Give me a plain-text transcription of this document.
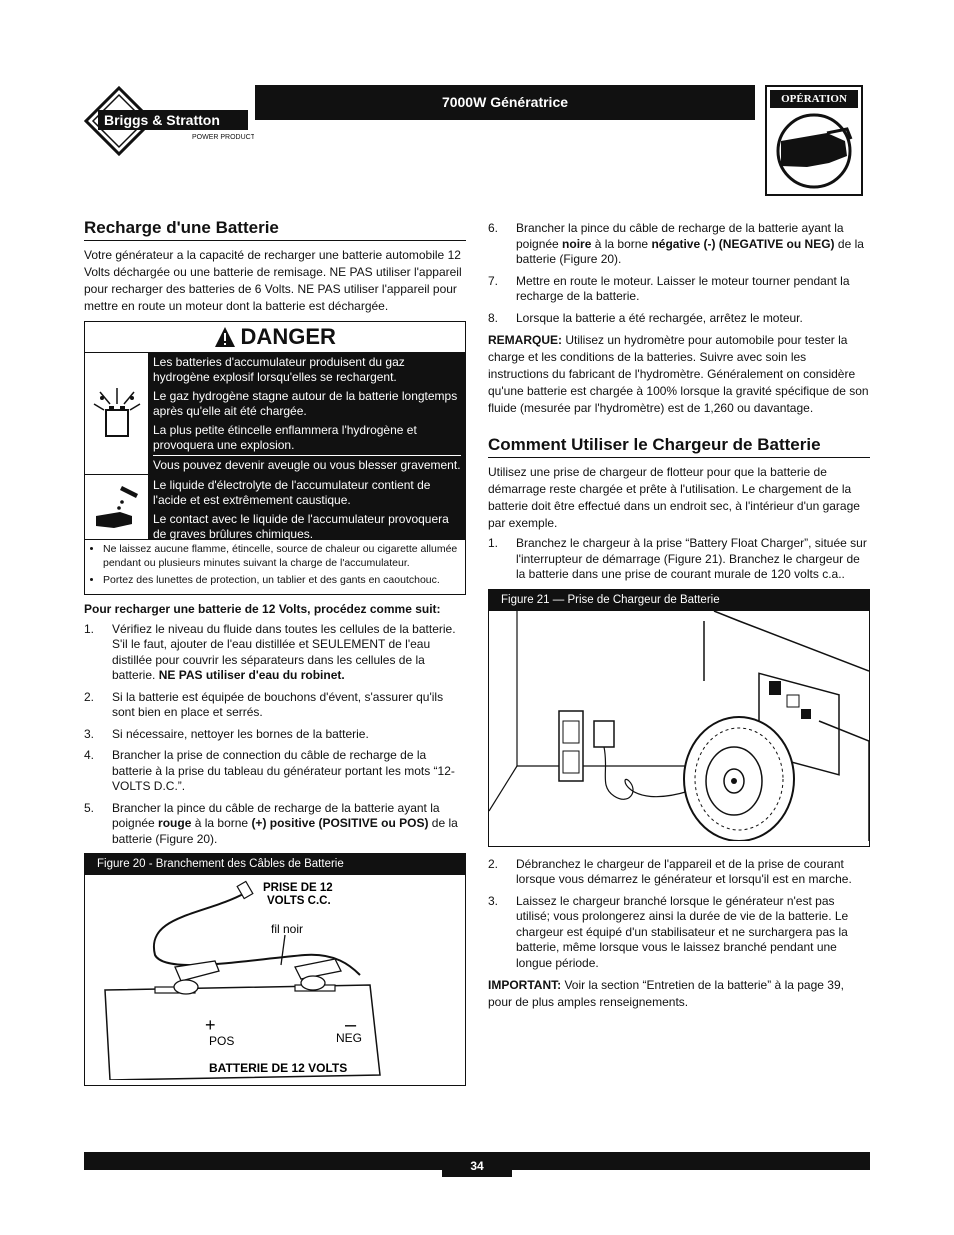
Briggs & Stratton
POWER PRODUCTS
7000W Génératrice	OPÉRATION
Recharge d'une Batterie

Votre générateur a la capacité de recharger une batterie automobile 12 Volts déchargée ou une batterie de remisage. NE PAS utiliser l'appareil pour recharger des batteries de 6 Volts. NE PAS utiliser l'appareil pour mettre en route un moteur dont la batterie est déchargée.

DANGER
Les batteries d'accumulateur produisent du gaz hydrogène explosif lorsqu'elles se rechargent.
Le gaz hydrogène stagne autour de la batterie longtemps après qu'elle ait été chargée.
La plus petite étincelle enflammera l'hydrogène et provoquera une explosion.
Vous pouvez devenir aveugle ou vous blesser gravement.
Le liquide d'électrolyte de l'accumulateur contient de l'acide et est extrêmement caustique.
Le contact avec le liquide de l'accumulateur provoquera de graves brûlures chimiques.
• Ne laissez aucune flamme, étincelle, source de chaleur ou cigarette allumée pendant ou plusieurs minutes suivant la charge de l'accumulateur.
• Portez des lunettes de protection, un tablier et des gants en caoutchouc.

Pour recharger une batterie de 12 Volts, procédez comme suit:

1. Vérifiez le niveau du fluide dans toutes les cellules de la batterie. S'il le faut, ajouter de l'eau distillée et SEULEMENT de l'eau distillée pour couvrir les séparateurs dans les cellules de la batterie. NE PAS utiliser d'eau du robinet.
2. Si la batterie est équipée de bouchons d'évent, s'assurer qu'ils sont bien en place et serrés.
3. Si nécessaire, nettoyer les bornes de la batterie.
4. Brancher la prise de connection du câble de recharge de la batterie à la prise du tableau du générateur portant les mots “12-VOLTS D.C.”.
5. Brancher la pince du câble de recharge de la batterie ayant la poignée rouge à la borne (+) positive (POSITIVE ou POS) de la batterie (Figure 20).
Figure 20 - Branchement des Câbles de Batterie
PRISE DE 12
VOLTS C.C.
fil noir
+	–
POS	NEG
BATTERIE DE 12 VOLTS
6. Brancher la pince du câble de recharge de la batterie ayant la poignée noire à la borne négative (-) (NEGATIVE ou NEG) de la batterie (Figure 20).
7. Mettre en route le moteur. Laisser le moteur tourner pendant la recharge de la batterie.
8. Lorsque la batterie a été rechargée, arrêtez le moteur.

REMARQUE: Utilisez un hydromètre pour automobile pour tester la charge et les conditions de la batteries. Suivre avec soin les instructions du fabricant de l'hydromètre. Généralement on considère qu'une batterie est chargée à 100% lorsque la gravité spécifique de son fluide (mesurée par l'hydromètre) est de 1,260 ou davantage.

Comment Utiliser le Chargeur de Batterie

Utilisez une prise de chargeur de flotteur pour que la batterie de démarrage reste chargée et prête à l'utilisation. Le chargement de la batterie doit être effectué dans un endroit sec, à l'intérieur d'un garage par exemple.

1. Branchez le chargeur à la prise “Battery Float Charger”, située sur l'interrupteur de démarrage (Figure 21). Branchez le chargeur de la batterie dans une prise de courant murale de 120 volts c.a..
Figure 21 — Prise de Chargeur de Batterie
2. Débranchez le chargeur de l'appareil et de la prise de courant lorsque vous démarrez le générateur et lorsqu'il est en marche.
3. Laissez le chargeur branché lorsque le générateur n'est pas utilisé; vous prolongerez ainsi la durée de vie de la batterie. Le chargeur est équipé d'un stabilisateur et ne surchargera pas la batterie, même lorsque vous le laissez branché pendant une longue période.

IMPORTANT: Voir la section “Entretien de la batterie” à la page 39, pour de plus amples renseignements.

34
